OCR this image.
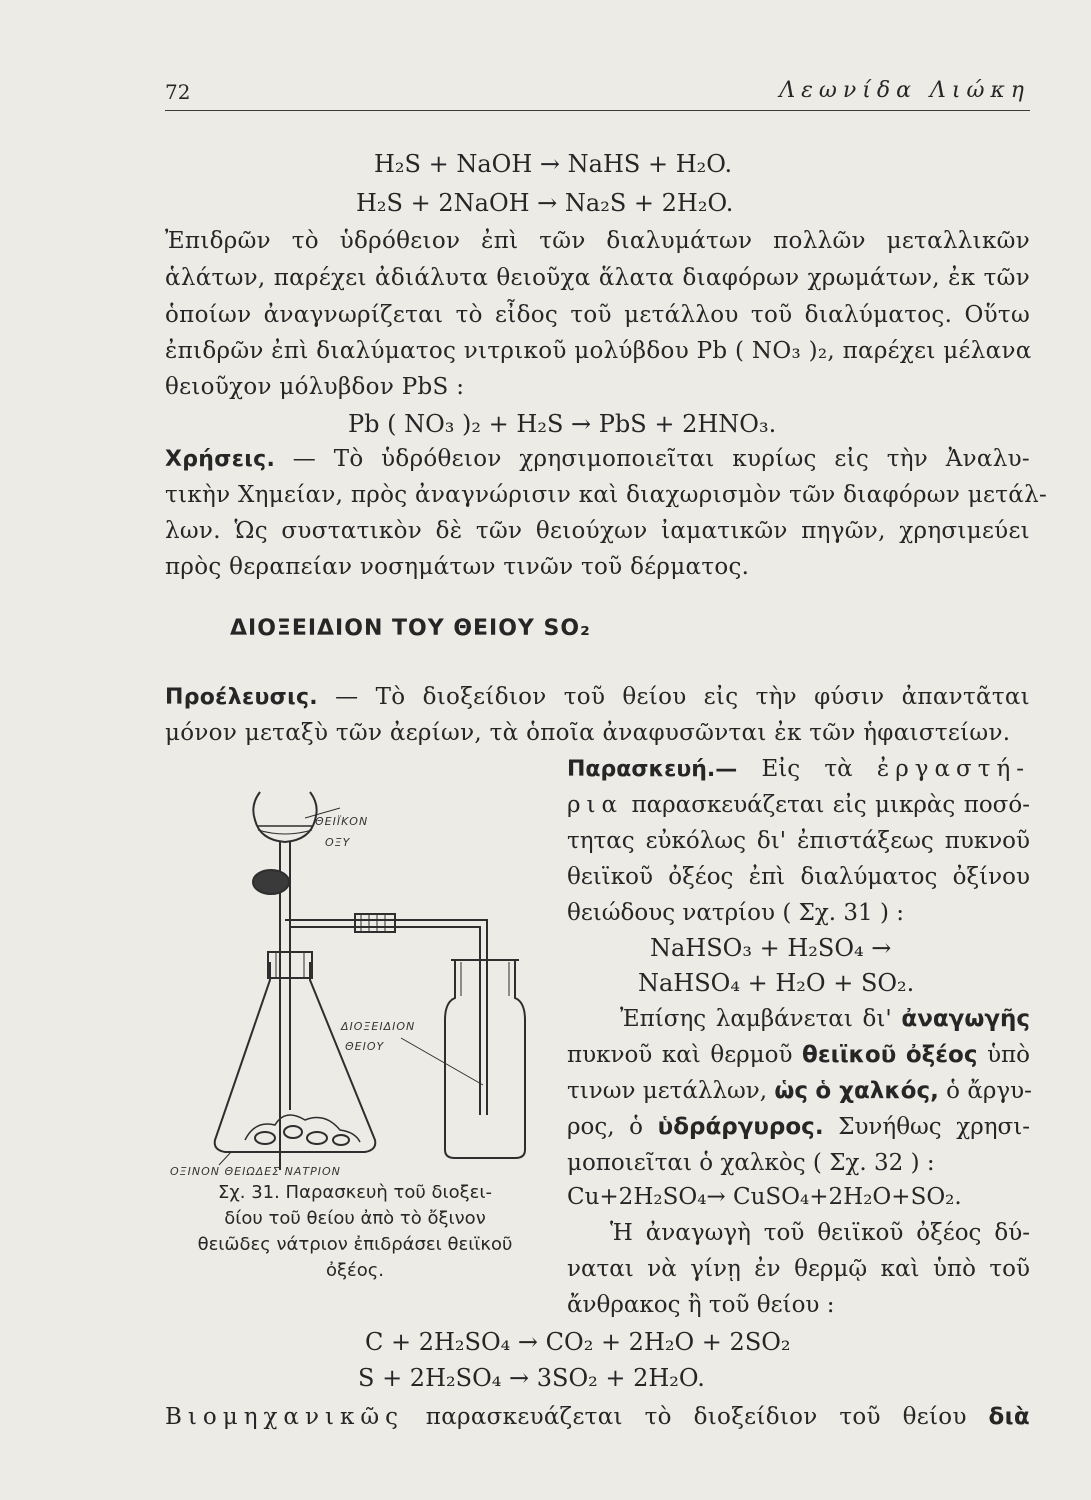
72	Λεωνίδα Λιώκη
H₂S + NaOH → NaHS + H₂O.
H₂S + 2NaOH → Na₂S + 2H₂O.
Ἐπιδρῶν τὸ ὑδρόθειον ἐπὶ τῶν διαλυμάτων πολλῶν μεταλλικῶν
ἁλάτων, παρέχει ἀδιάλυτα θειοῦχα ἅλατα διαφόρων χρωμάτων, ἐκ τῶν
ὁποίων ἀναγνωρίζεται τὸ εἶδος τοῦ μετάλλου τοῦ διαλύματος. Οὕτω
ἐπιδρῶν ἐπὶ διαλύματος νιτρικοῦ μολύβδου Pb ( NO₃ )₂, παρέχει μέλανα
θειοῦχον μόλυβδον PbS :
Pb ( NO₃ )₂ + H₂S → PbS + 2HNO₃.
Χρήσεις. — Τὸ ὑδρόθειον χρησιμοποιεῖται κυρίως εἰς τὴν Ἀναλυ-
τικὴν Χημείαν, πρὸς ἀναγνώρισιν καὶ διαχωρισμὸν τῶν διαφόρων μετάλ-
λων. Ὡς συστατικὸν δὲ τῶν θειούχων ἰαματικῶν πηγῶν, χρησιμεύει
πρὸς θεραπείαν νοσημάτων τινῶν τοῦ δέρματος.
ΔΙΟΞΕΙΔΙΟΝ ΤΟΥ ΘΕΙΟΥ SO₂
Προέλευσις. — Τὸ διοξείδιον τοῦ θείου εἰς τὴν φύσιν ἀπαντᾶται
μόνον μεταξὺ τῶν ἀερίων, τὰ ὁποῖα ἀναφυσῶνται ἐκ τῶν ἡφαιστείων.
Παρασκευή.— Εἰς τὰ ἐργαστή-
ρια παρασκευάζεται εἰς μικρὰς ποσό-
τητας εὐκόλως δι' ἐπιστάξεως πυκνοῦ
θειϊκοῦ ὀξέος ἐπὶ διαλύματος ὀξίνου
θειώδους νατρίου ( Σχ. 31 ) :
NaHSO₃ + H₂SO₄ →
NaHSO₄ + H₂O + SO₂.
Ἐπίσης λαμβάνεται δι' ἀναγωγῆς
πυκνοῦ καὶ θερμοῦ θειϊκοῦ ὀξέος ὑπὸ
τινων μετάλλων, ὡς ὁ χαλκός, ὁ ἄργυ-
ρος, ὁ ὑδράργυρος. Συνήθως χρησι-
μοποιεῖται ὁ χαλκὸς ( Σχ. 32 ) :
Cu+2H₂SO₄→ CuSO₄+2H₂O+SO₂.
Ἡ ἀναγωγὴ τοῦ θειϊκοῦ ὀξέος δύ-
ναται νὰ γίνῃ ἐν θερμῷ καὶ ὑπὸ τοῦ
ἄνθρακος ἢ τοῦ θείου :
C + 2H₂SO₄ → CO₂ + 2H₂O + 2SO₂
S + 2H₂SO₄ → 3SO₂ + 2H₂O.
Βιομηχανικῶς παρασκευάζεται τὸ διοξείδιον τοῦ θείου διὰ
ΘΕΙΪΚΟΝ
ΟΞΥ
ΔΙΟΞΕΙΔΙΟΝ
ΘΕΙΟΥ
ΟΞΙΝΟΝ ΘΕΙΩΔΕΣ ΝΑΤΡΙΟΝ
Σχ. 31. Παρασκευὴ τοῦ διοξει-
δίου τοῦ θείου ἀπὸ τὸ ὄξινον
θειῶδες νάτριον ἐπιδράσει θειϊκοῦ
ὀξέος.
